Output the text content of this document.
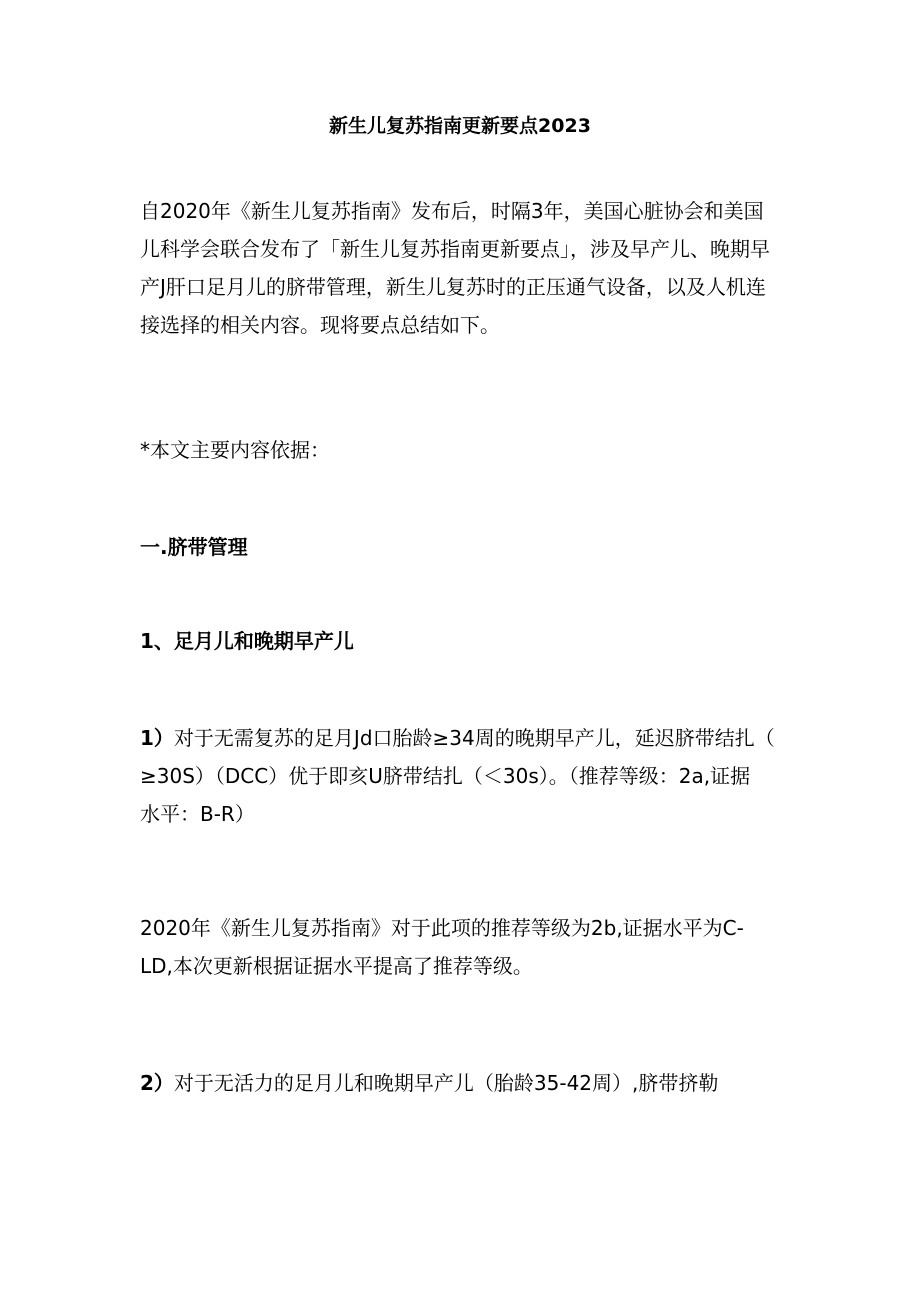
新生儿复苏指南更新要点2023

自2020年《新生儿复苏指南》发布后，时隔3年，美国心脏协会和美国

儿科学会联合发布了「新生儿复苏指南更新要点」，涉及早产儿、晚期早

产J肝口足月儿的脐带管理，新生儿复苏时的正压通气设备，以及人机连

接选择的相关内容。现将要点总结如下。

*本文主要内容依据：

一.脐带管理
1、足月儿和晚期早产儿

1）对于无需复苏的足月Jd口胎龄≥34周的晚期早产儿，延迟脐带结扎（

≥30S）（DCC）优于即亥U脐带结扎（＜30s）。（推荐等级：2a,证据

水平：B-R）

2020年《新生儿复苏指南》对于此项的推荐等级为2b,证据水平为C-

LD,本次更新根据证据水平提高了推荐等级。

2）对于无活力的足月儿和晚期早产儿（胎龄35-42周）,脐带挤勒
